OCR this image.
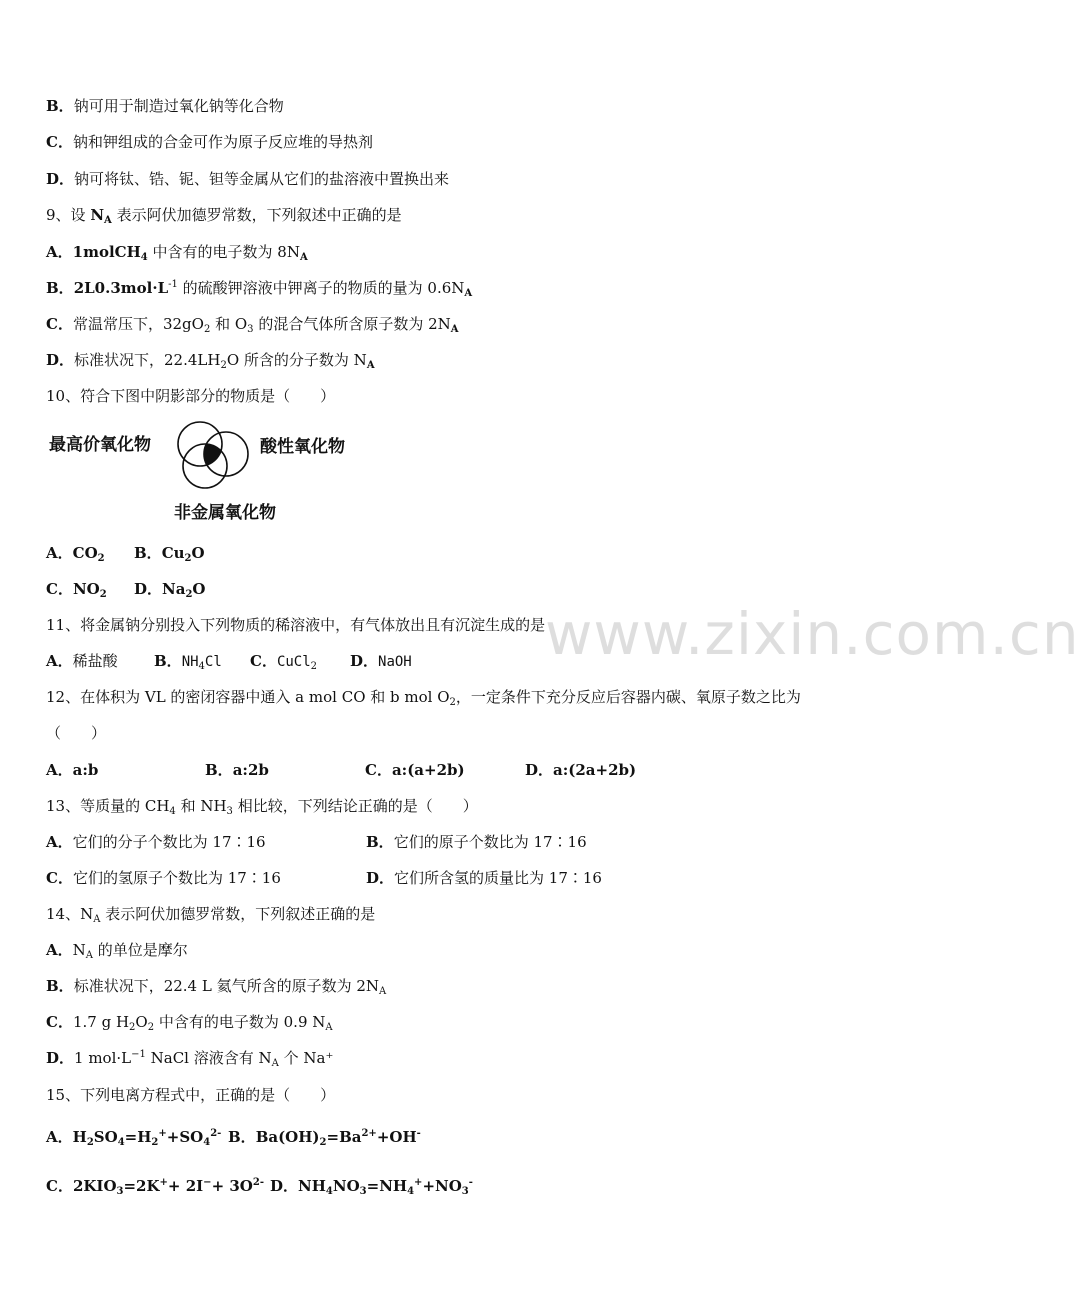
www.zixin.com.cn
B．钠可用于制造过氧化钠等化合物
C．钠和钾组成的合金可作为原子反应堆的导热剂
D．钠可将钛、锆、铌、钽等金属从它们的盐溶液中置换出来
9、设 $N_A$ 表示阿伏加德罗常数，下列叙述中正确的是
A．1molCH$_4$ 中含有的电子数为 $8N_A$
B．$2L0.3mol\cdot L^{-1}$ 的硫酸钾溶液中钾离子的物质的量为 $0.6N_A$
C．常温常压下，$32gO_2$ 和 $O_3$ 的混合气体所含原子数为 $2N_A$
D．标准状况下，$22.4LH_2O$ 所含的分子数为 $N_A$
10、符合下图中阴影部分的物质是（　　）
最高价氧化物	酸性氧化物
非金属氧化物
A．$CO_2$ B．$Cu_2O$
C．$NO_2$ D．$Na_2O$
11、将金属钠分别投入下列物质的稀溶液中，有气体放出且有沉淀生成的是
A．稀盐酸 B．$NH_4Cl$ C．CuCl$_2$ D．NaOH
12、在体积为 VL 的密闭容器中通入 a mol CO 和 b mol $O_2$，一定条件下充分反应后容器内碳、氧原子数之比为
（　　）
A．a:b	B．a:2b	C．a:(a+2b)	D．a:(2a+2b)
13、等质量的 $CH_4$ 和 $NH_3$ 相比较，下列结论正确的是（　　）
A．它们的分子个数比为 17∶16	B．它们的原子个数比为 17∶16
C．它们的氢原子个数比为 17∶16	D．它们所含氢的质量比为 17∶16
14、$N_A$ 表示阿伏加德罗常数，下列叙述正确的是
A．$N_A$ 的单位是摩尔
B．标准状况下，22.4 L 氦气所含的原子数为 $2N_A$
C．1.7 g $H_2O_2$ 中含有的电子数为 0.9 $N_A$
D．1 $mol\cdot L^{-1}$ NaCl 溶液含有 $N_A$ 个 Na⁺
15、下列电离方程式中，正确的是（　　）
A．$H_2SO_4=H_2^++SO_4^{2-}$ B．$Ba(OH)_2=Ba^{2+}+OH^-$
C．$2KIO_3=2K^++ 2I^-+ 3O^{2-}$ D．$NH_4NO_3=NH_4^++NO_3^-$
